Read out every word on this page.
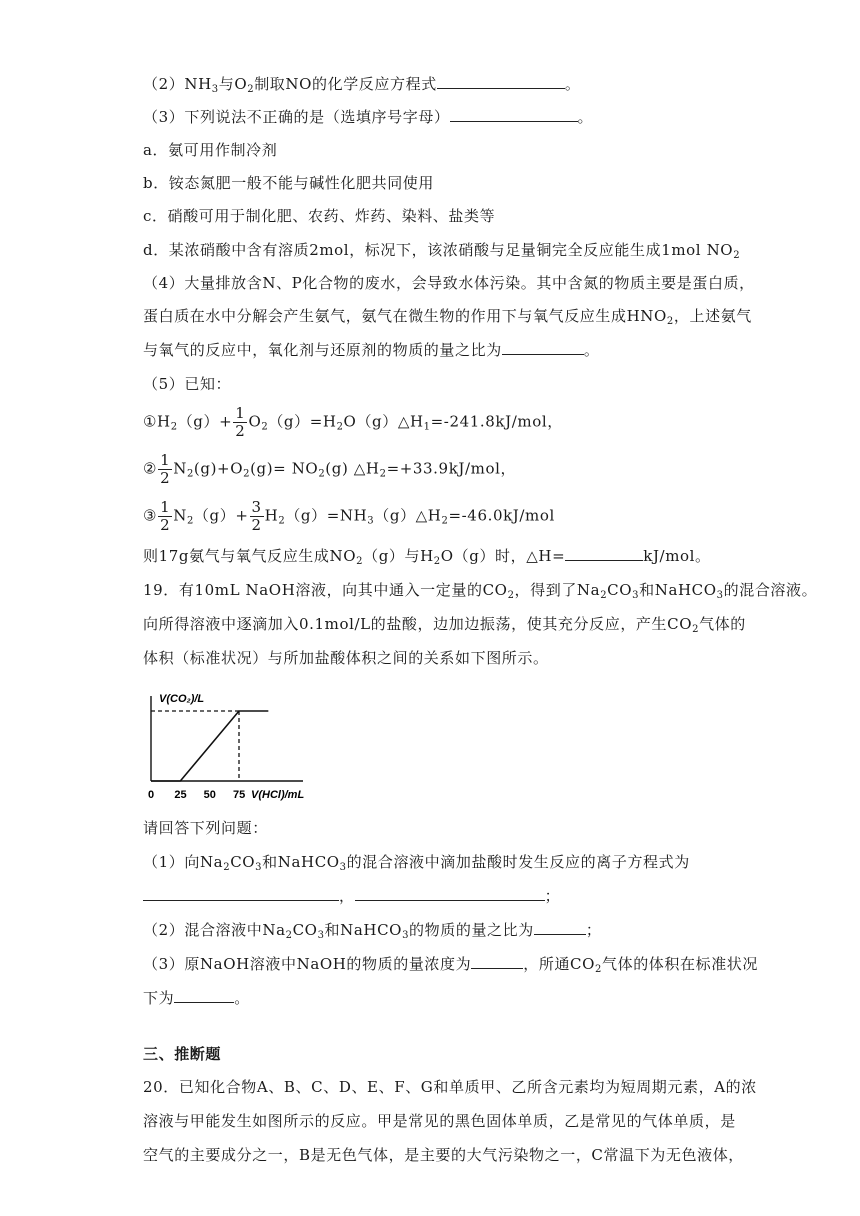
$(2)NH_3$与$O_2$制取NO的化学反应方程式	。
（3）下列说法不正确的是（选填序号字母）	。
a．氨可用作制冷剂
b．铵态氮肥一般不能与碱性化肥共同使用
c．硝酸可用于制化肥、农药、炸药、染料、盐类等
d．某浓硝酸中含有溶质2mol，标况下，该浓硝酸与足量铜完全反应能生成1mol $NO_2$
（4）大量排放含N、P化合物的废水，会导致水体污染。其中含氮的物质主要是蛋白质，
蛋白质在水中分解会产生氨气，氨气在微生物的作用下与氧气反应生成$HNO_2$，上述氨气
与氧气的反应中，氧化剂与还原剂的物质的量之比为	。
（5）已知：
$①H_2(g)+ \frac{1}{2}$ $O_2(g)=H_2O(g)\triangle H_1=-241.8kJ$/mol，
② $\frac{1}{2} N_2(g)+O_2(g)= NO_2(g)$ $\triangle H_2=+33.9kJ$/mol，
③ $\frac{1}{2} N_2(g)+ \frac{3}{2}$ $H_2(g)=NH_3(g)\triangle H_2=-46.0kJ$/mol
则17g氨气与氧气反应生成$NO_2(g)$与$H_2O(g)$时，△H=	kJ/mol。
19．有10mL NaOH溶液，向其中通入一定量的$CO_2$，得到了$Na_2CO_3$和NaHCO$_3$的混合溶液。
向所得溶液中逐滴加入0.1mol/L的盐酸，边加边振荡，使其充分反应，产生$CO_2$气体的
体积（标准状况）与所加盐酸体积之间的关系如下图所示。
V(CO₂)/L
0 25 50 75 V(HCl)/mL
请回答下列问题：
（1）向$Na_2CO_3$和NaHCO$_3$的混合溶液中滴加盐酸时发生反应的离子方程式为
，	；
（2）混合溶液中$Na_2CO_3$和NaHCO$_3$的物质的量之比为	；
（3）原NaOH溶液中NaOH的物质的量浓度为	，所通$CO_2$气体的体积在标准状况
下为	。
三、推断题
20．已知化合物A、B、C、D、E、F、G和单质甲、乙所含元素均为短周期元素，A的浓
溶液与甲能发生如图所示的反应。甲是常见的黑色固体单质，乙是常见的气体单质，是
空气的主要成分之一，B是无色气体，是主要的大气污染物之一，C常温下为无色液体，
